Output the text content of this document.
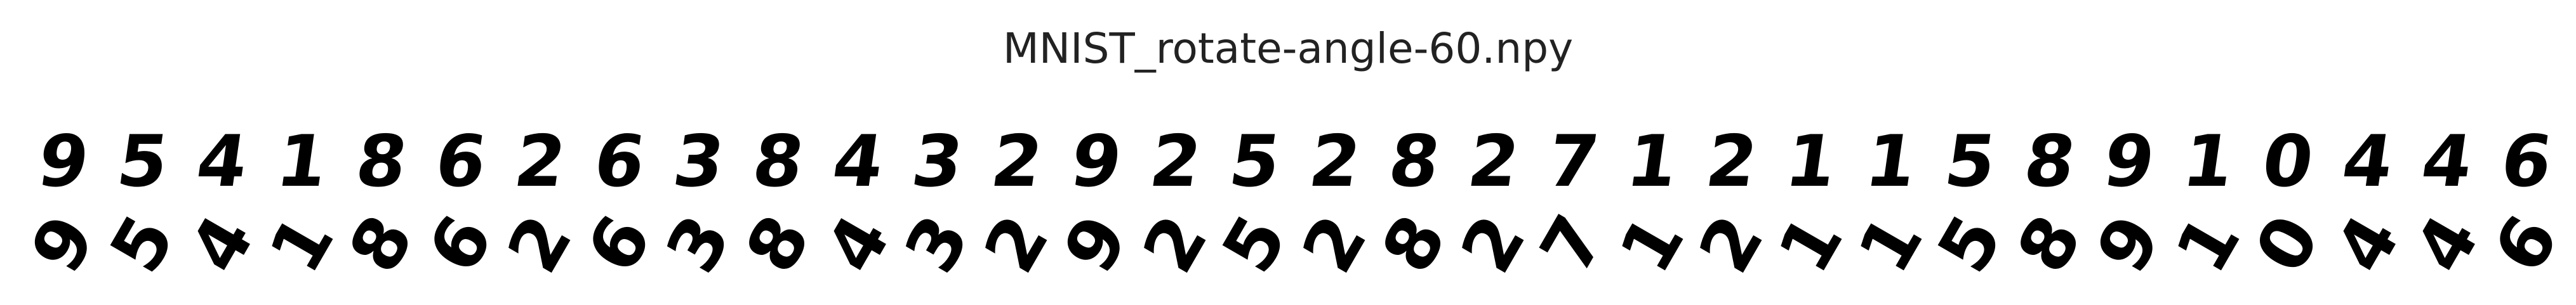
MNIST_rotate-angle-60.npy
9 5 4 1 8 6 2 6 3 8 4 3 2 9 2 5 2 8 2 7 1 2 1 1 5 8 9 1 0 4 4 6
9
5
4
1
8
6
2
6
3
8
4
3
2
9
2
5
2
8
2
7
1
2
1
1
5
8
9
1
0
4
4
6
